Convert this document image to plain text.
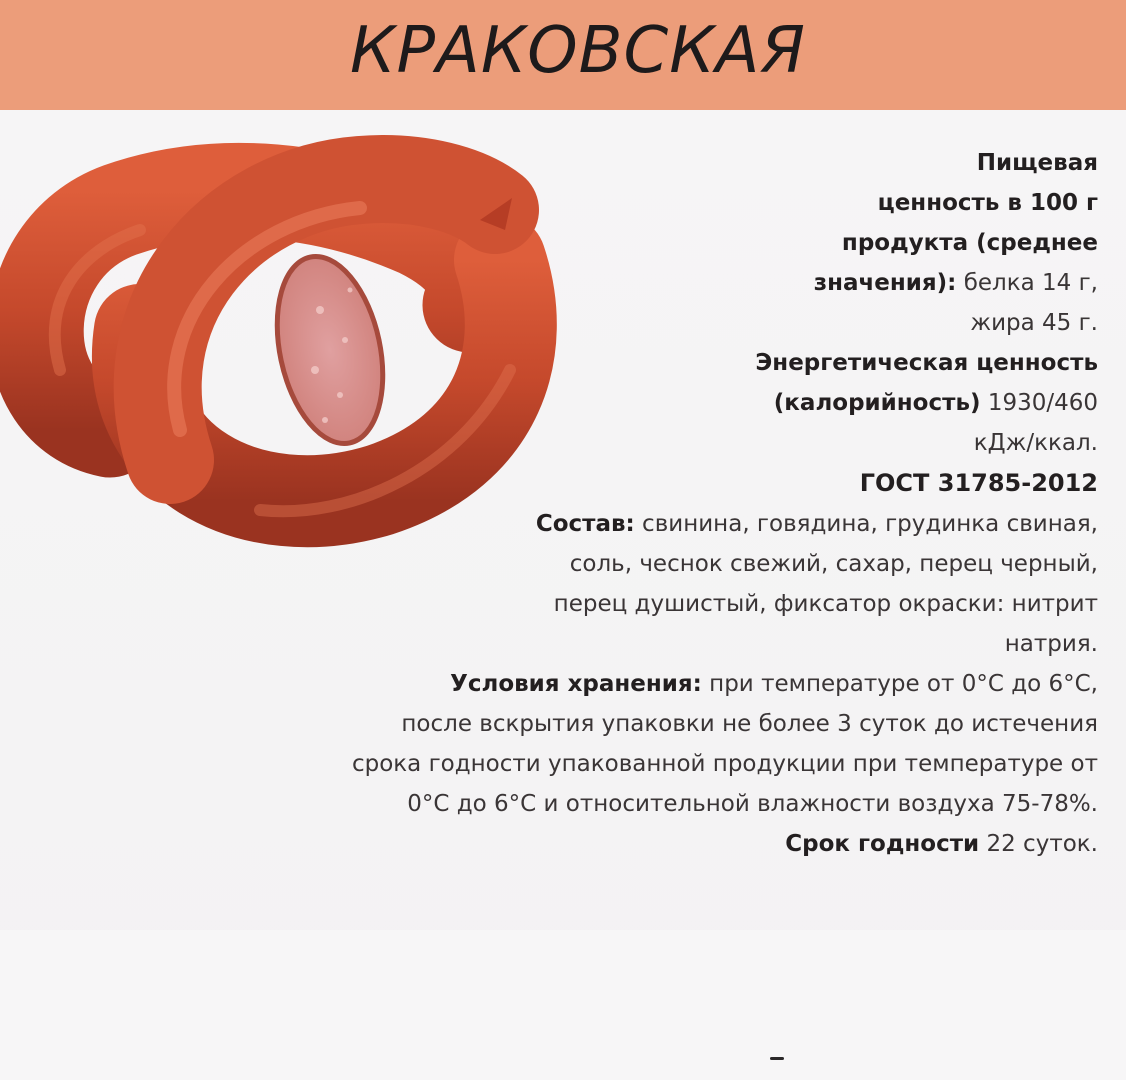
КРАКОВСКАЯ

Пищевая

ценность в 100 г

продукта (среднее

значения): белка 14 г,

жира 45 г.

Энергетическая ценность

(калорийность) 1930/460

кДж/ккал.

ГОСТ 31785-2012

Состав: свинина, говядина, грудинка свиная,

соль, чеснок свежий, сахар, перец черный,

перец душистый, фиксатор окраски: нитрит

натрия.

Условия хранения: при температуре от 0°C до 6°C,

после вскрытия упаковки не более 3 суток до истечения

срока годности упакованной продукции при температуре от

0°C до 6°C и относительной влажности воздуха 75-78%.

Срок годности 22 суток.
